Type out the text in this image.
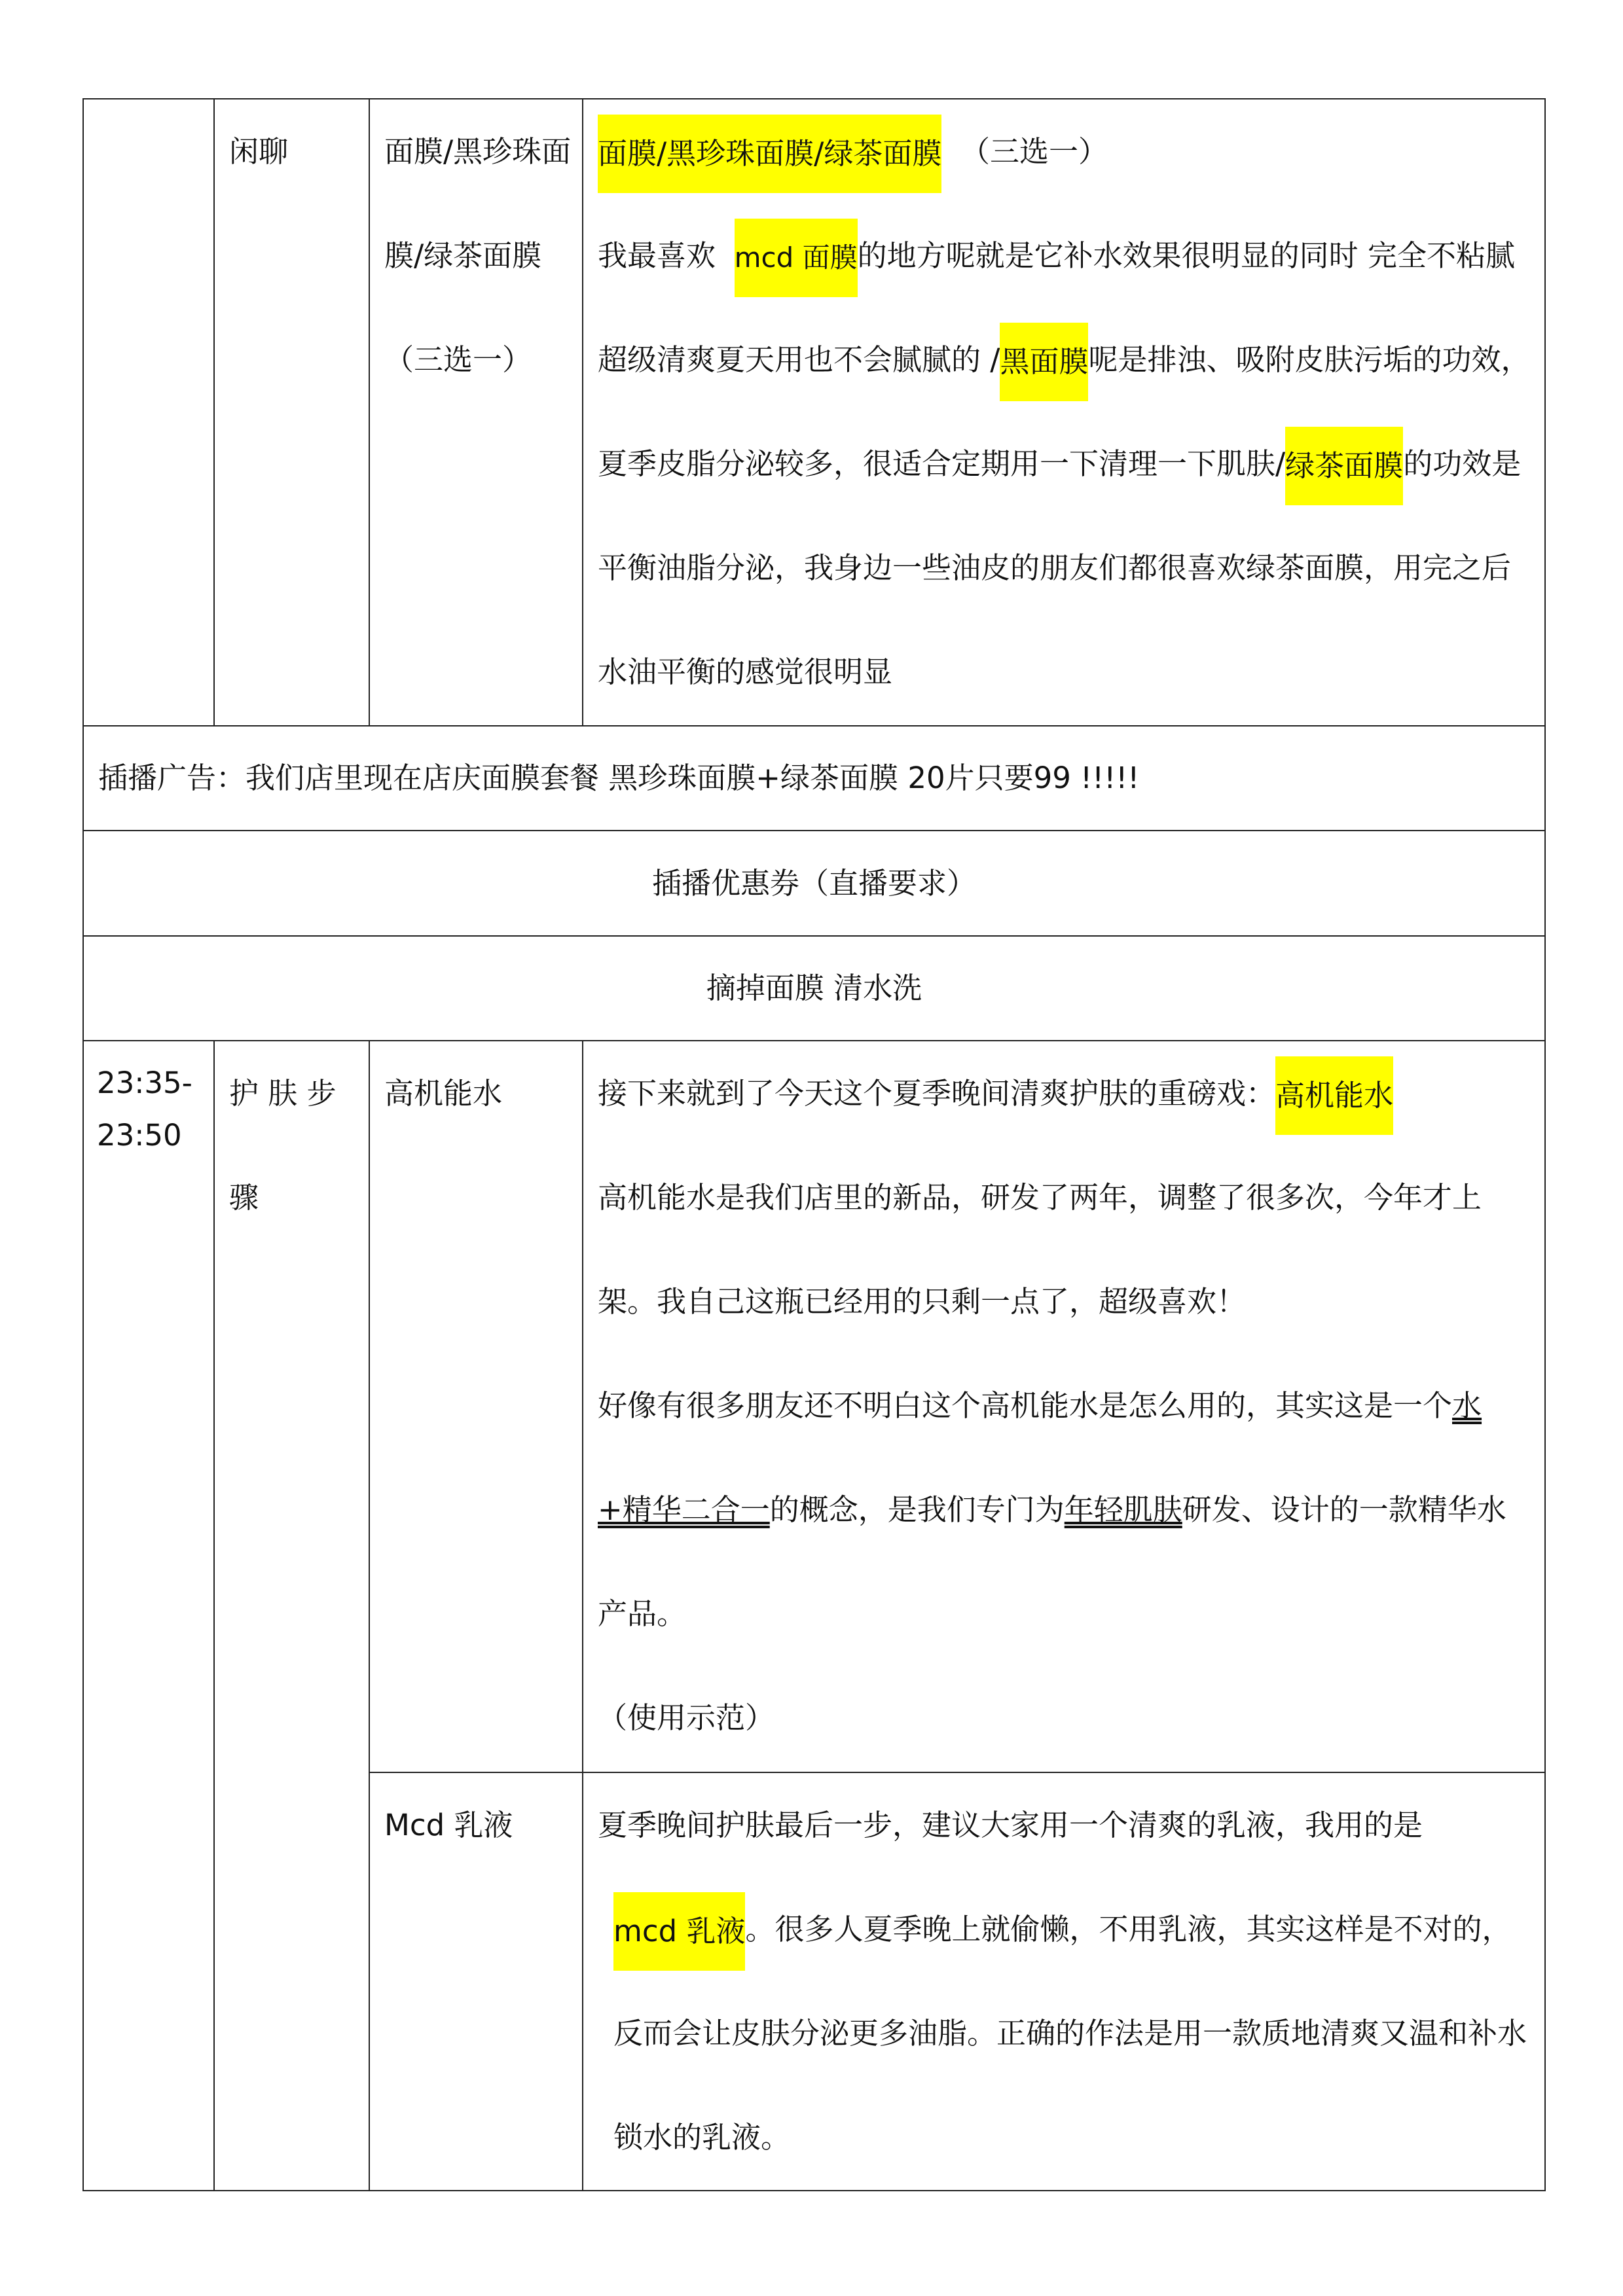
	闲聊	面膜/黑珍珠面膜/绿茶面膜（三选一）	面膜/黑珍珠面膜/绿茶面膜 （三选一）
我最喜欢 mcd 面膜的地方呢就是它补水效果很明显的同时 完全不粘腻 超级清爽夏天用也不会腻腻的 /黑面膜呢是排浊、吸附皮肤污垢的功效，夏季皮脂分泌较多，很适合定期用一下清理一下肌肤/绿茶面膜的功效是平衡油脂分泌，我身边一些油皮的朋友们都很喜欢绿茶面膜，用完之后水油平衡的感觉很明显

插播广告：我们店里现在店庆面膜套餐 黑珍珠面膜+绿茶面膜 20片只要99 !!!!!			
插播优惠券（直播要求）			
摘掉面膜 清水洗			
23:35-23:50	护 肤 步 骤	高机能水	接下来就到了今天这个夏季晚间清爽护肤的重磅戏：高机能水
高机能水是我们店里的新品，研发了两年，调整了很多次，今年才上架。我自己这瓶已经用的只剩一点了，超级喜欢！
好像有很多朋友还不明白这个高机能水是怎么用的，其实这是一个水+精华二合一的概念，是我们专门为年轻肌肤研发、设计的一款精华水产品。
（使用示范）

		Mcd 乳液	夏季晚间护肤最后一步，建议大家用一个清爽的乳液，我用的是
mcd 乳液。很多人夏季晚上就偷懒，不用乳液，其实这样是不对的，反而会让皮肤分泌更多油脂。正确的作法是用一款质地清爽又温和补水锁水的乳液。
